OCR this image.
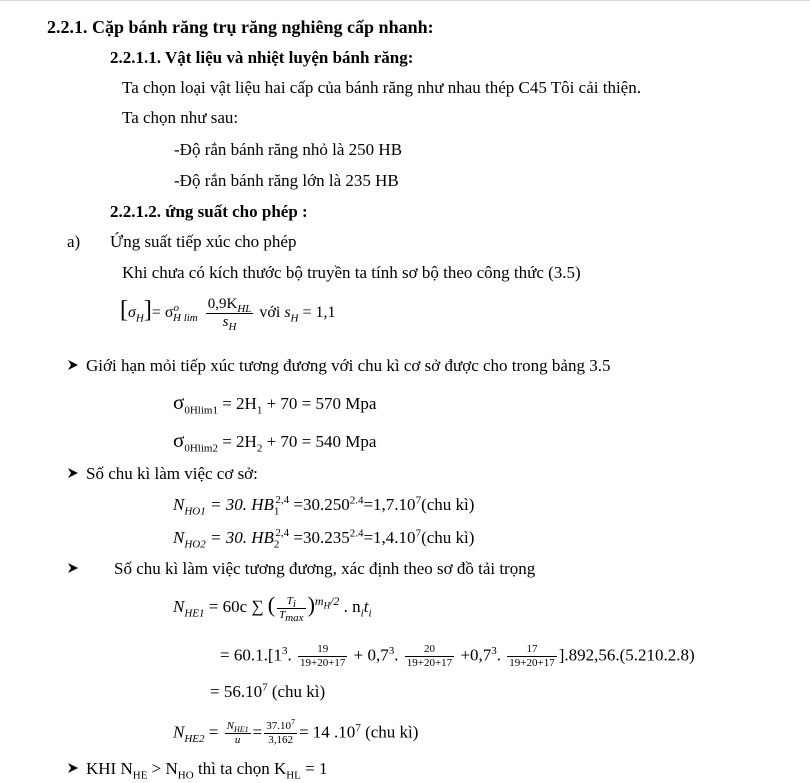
2.2.1. Cặp bánh răng trụ răng nghiêng cấp nhanh:
2.2.1.1. Vật liệu và nhiệt luyện bánh răng:
Ta chọn loại vật liệu hai cấp của bánh răng như nhau thép C45 Tôi cải thiện.
Ta chọn như sau:
-Độ rắn bánh răng nhỏ là 250 HB
-Độ rắn bánh răng lớn là 235 HB
2.2.1.2. ứng suất cho phép :
a) Ứng suất tiếp xúc cho phép
Khi chưa có kích thước bộ truyền ta tính sơ bộ theo công thức (3.5)
$[\sigma_H]= \sigma^o_{H lim} \frac{0,9K_{HL}}{s_H}$ với $s_H = 1,1$
Giới hạn mỏi tiếp xúc tương đương với chu kì cơ sở được cho trong bảng 3.5
$\sigma_{0Hlim1} = 2H_1 + 70 = 570$ Mpa
$\sigma_{0Hlim2} = 2H_2 + 70 = 540$ Mpa
Số chu kì làm việc cơ sở:
$N_{HO1} = 30$. $HB_1^{2,4} =30.250^{2.4}=1,7.10^7(chu$ kì)
$N_{HO2} = 30$. $HB_2^{2,4} =30.235^{2.4}=1,4.10^7(chu$ kì)
Số chu kì làm việc tương đương, xác định theo sơ đồ tải trọng
$N_{HE1} = 60c$ ∑ ( $\frac{T_i}{T_{max}} )^{m_H/2}$ . $n_it_i$
= $60.1.[1^3$. $\frac{19}{19+20+17} + 0,7^3$. $\frac{20}{19+20+17} +0,7^3$. $\frac{17}{19+20+17} ].892,56.(5.210.2.8)$
= $56.10^7$ (chu kì)
$N_{HE2} = \frac{N_{HE1}}{u} = \frac{37.10^7}{3,162} = 14$ $.10^7$ (chu kì)
KHI $N_{HE} > N_{HO}$ thì ta chọn $K_{HL} = 1$
